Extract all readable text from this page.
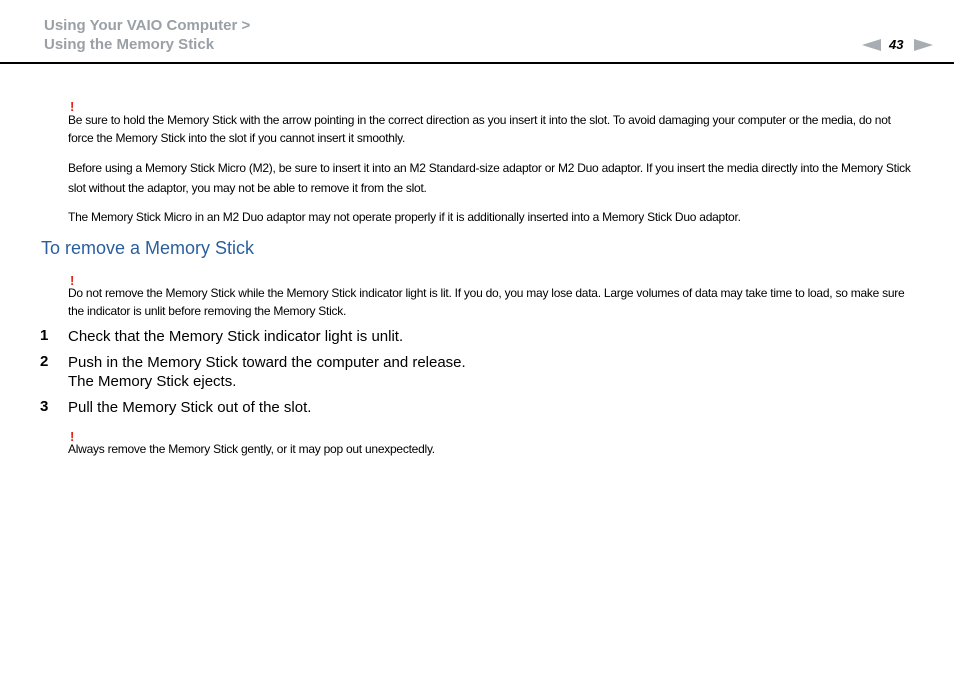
Using Your VAIO Computer >
Using the Memory Stick	43
!
Be sure to hold the Memory Stick with the arrow pointing in the correct direction as you insert it into the slot. To avoid damaging your computer or the media, do not force the Memory Stick into the slot if you cannot insert it smoothly.
Before using a Memory Stick Micro (M2), be sure to insert it into an M2 Standard-size adaptor or M2 Duo adaptor. If you insert the media directly into the Memory Stick slot without the adaptor, you may not be able to remove it from the slot.
The Memory Stick Micro in an M2 Duo adaptor may not operate properly if it is additionally inserted into a Memory Stick Duo adaptor.
To remove a Memory Stick
!
Do not remove the Memory Stick while the Memory Stick indicator light is lit. If you do, you may lose data. Large volumes of data may take time to load, so make sure the indicator is unlit before removing the Memory Stick.
1 Check that the Memory Stick indicator light is unlit.
2 Push in the Memory Stick toward the computer and release.
The Memory Stick ejects.
3 Pull the Memory Stick out of the slot.
!
Always remove the Memory Stick gently, or it may pop out unexpectedly.
